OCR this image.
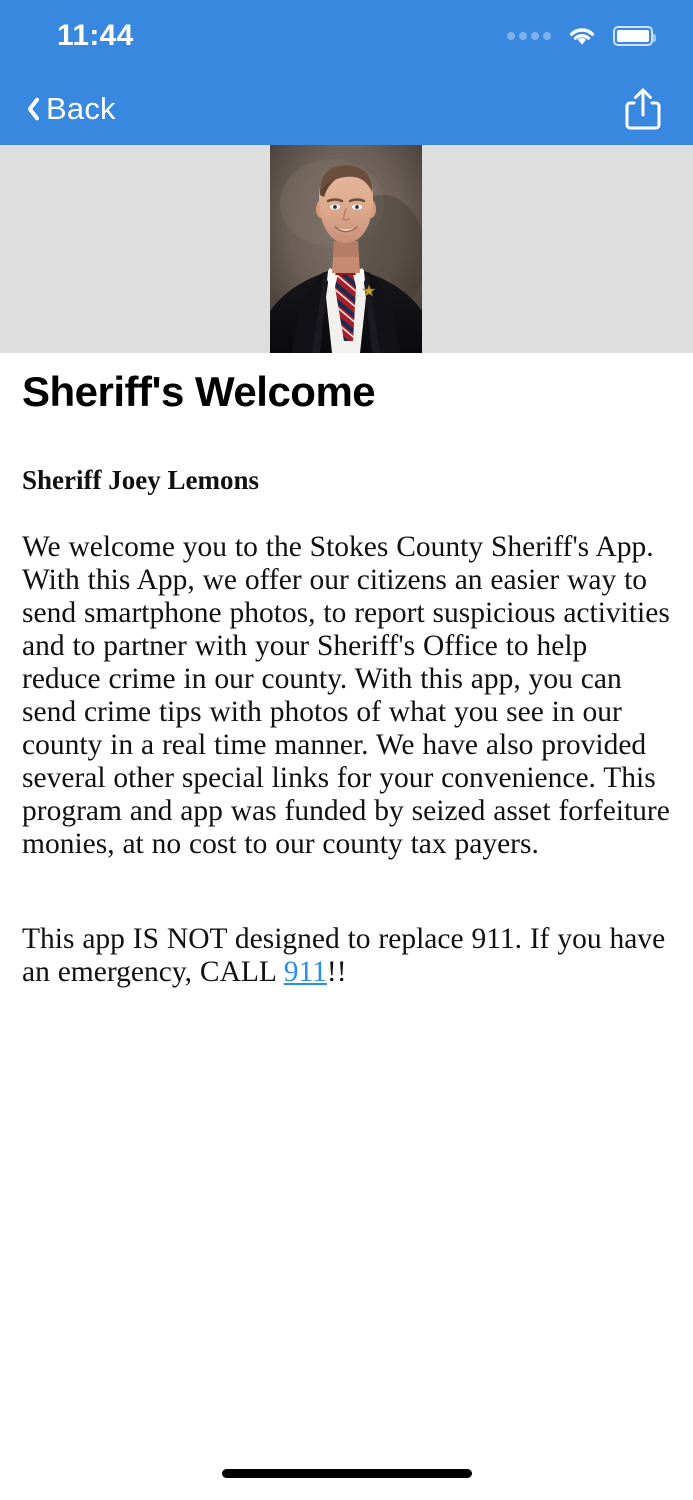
11:44
Back
Sheriff's Welcome

Sheriff Joey Lemons

We welcome you to the Stokes County Sheriff's App. With this App, we offer our citizens an easier way to send smartphone photos, to report suspicious activities and to partner with your Sheriff's Office to help reduce crime in our county. With this app, you can send crime tips with photos of what you see in our county in a real time manner. We have also provided several other special links for your convenience. This program and app was funded by seized asset forfeiture monies, at no cost to our county tax payers.

This app IS NOT designed to replace 911. If you have an emergency, CALL 911!!
